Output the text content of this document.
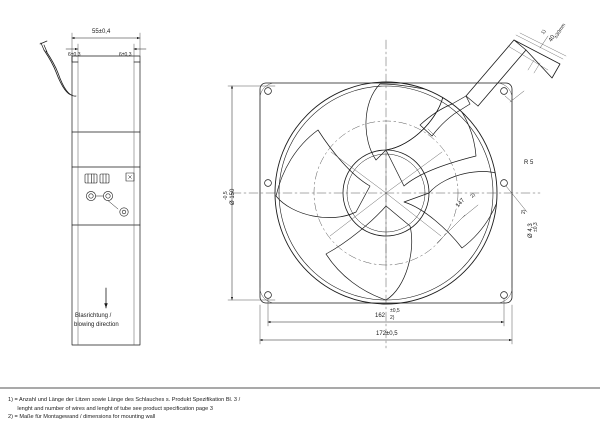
55±0,4
6±0,3	6±0,3
Blasrichtung /
blowing direction
Ø 150
-0,5
147
2)
Ø 4,3 ±0,3
2)
162
±0,5
2)
172±0,5
R 5
40
±30mm
1)
1) = Anzahl und Länge der Litzen sowie Länge des Schlauches s. Produkt Spezifikation Bl. 3 /
lenght and number of wires and lenght of tube see product specification page 3
2) = Maße für Montagewand / dimensions for mounting wall
